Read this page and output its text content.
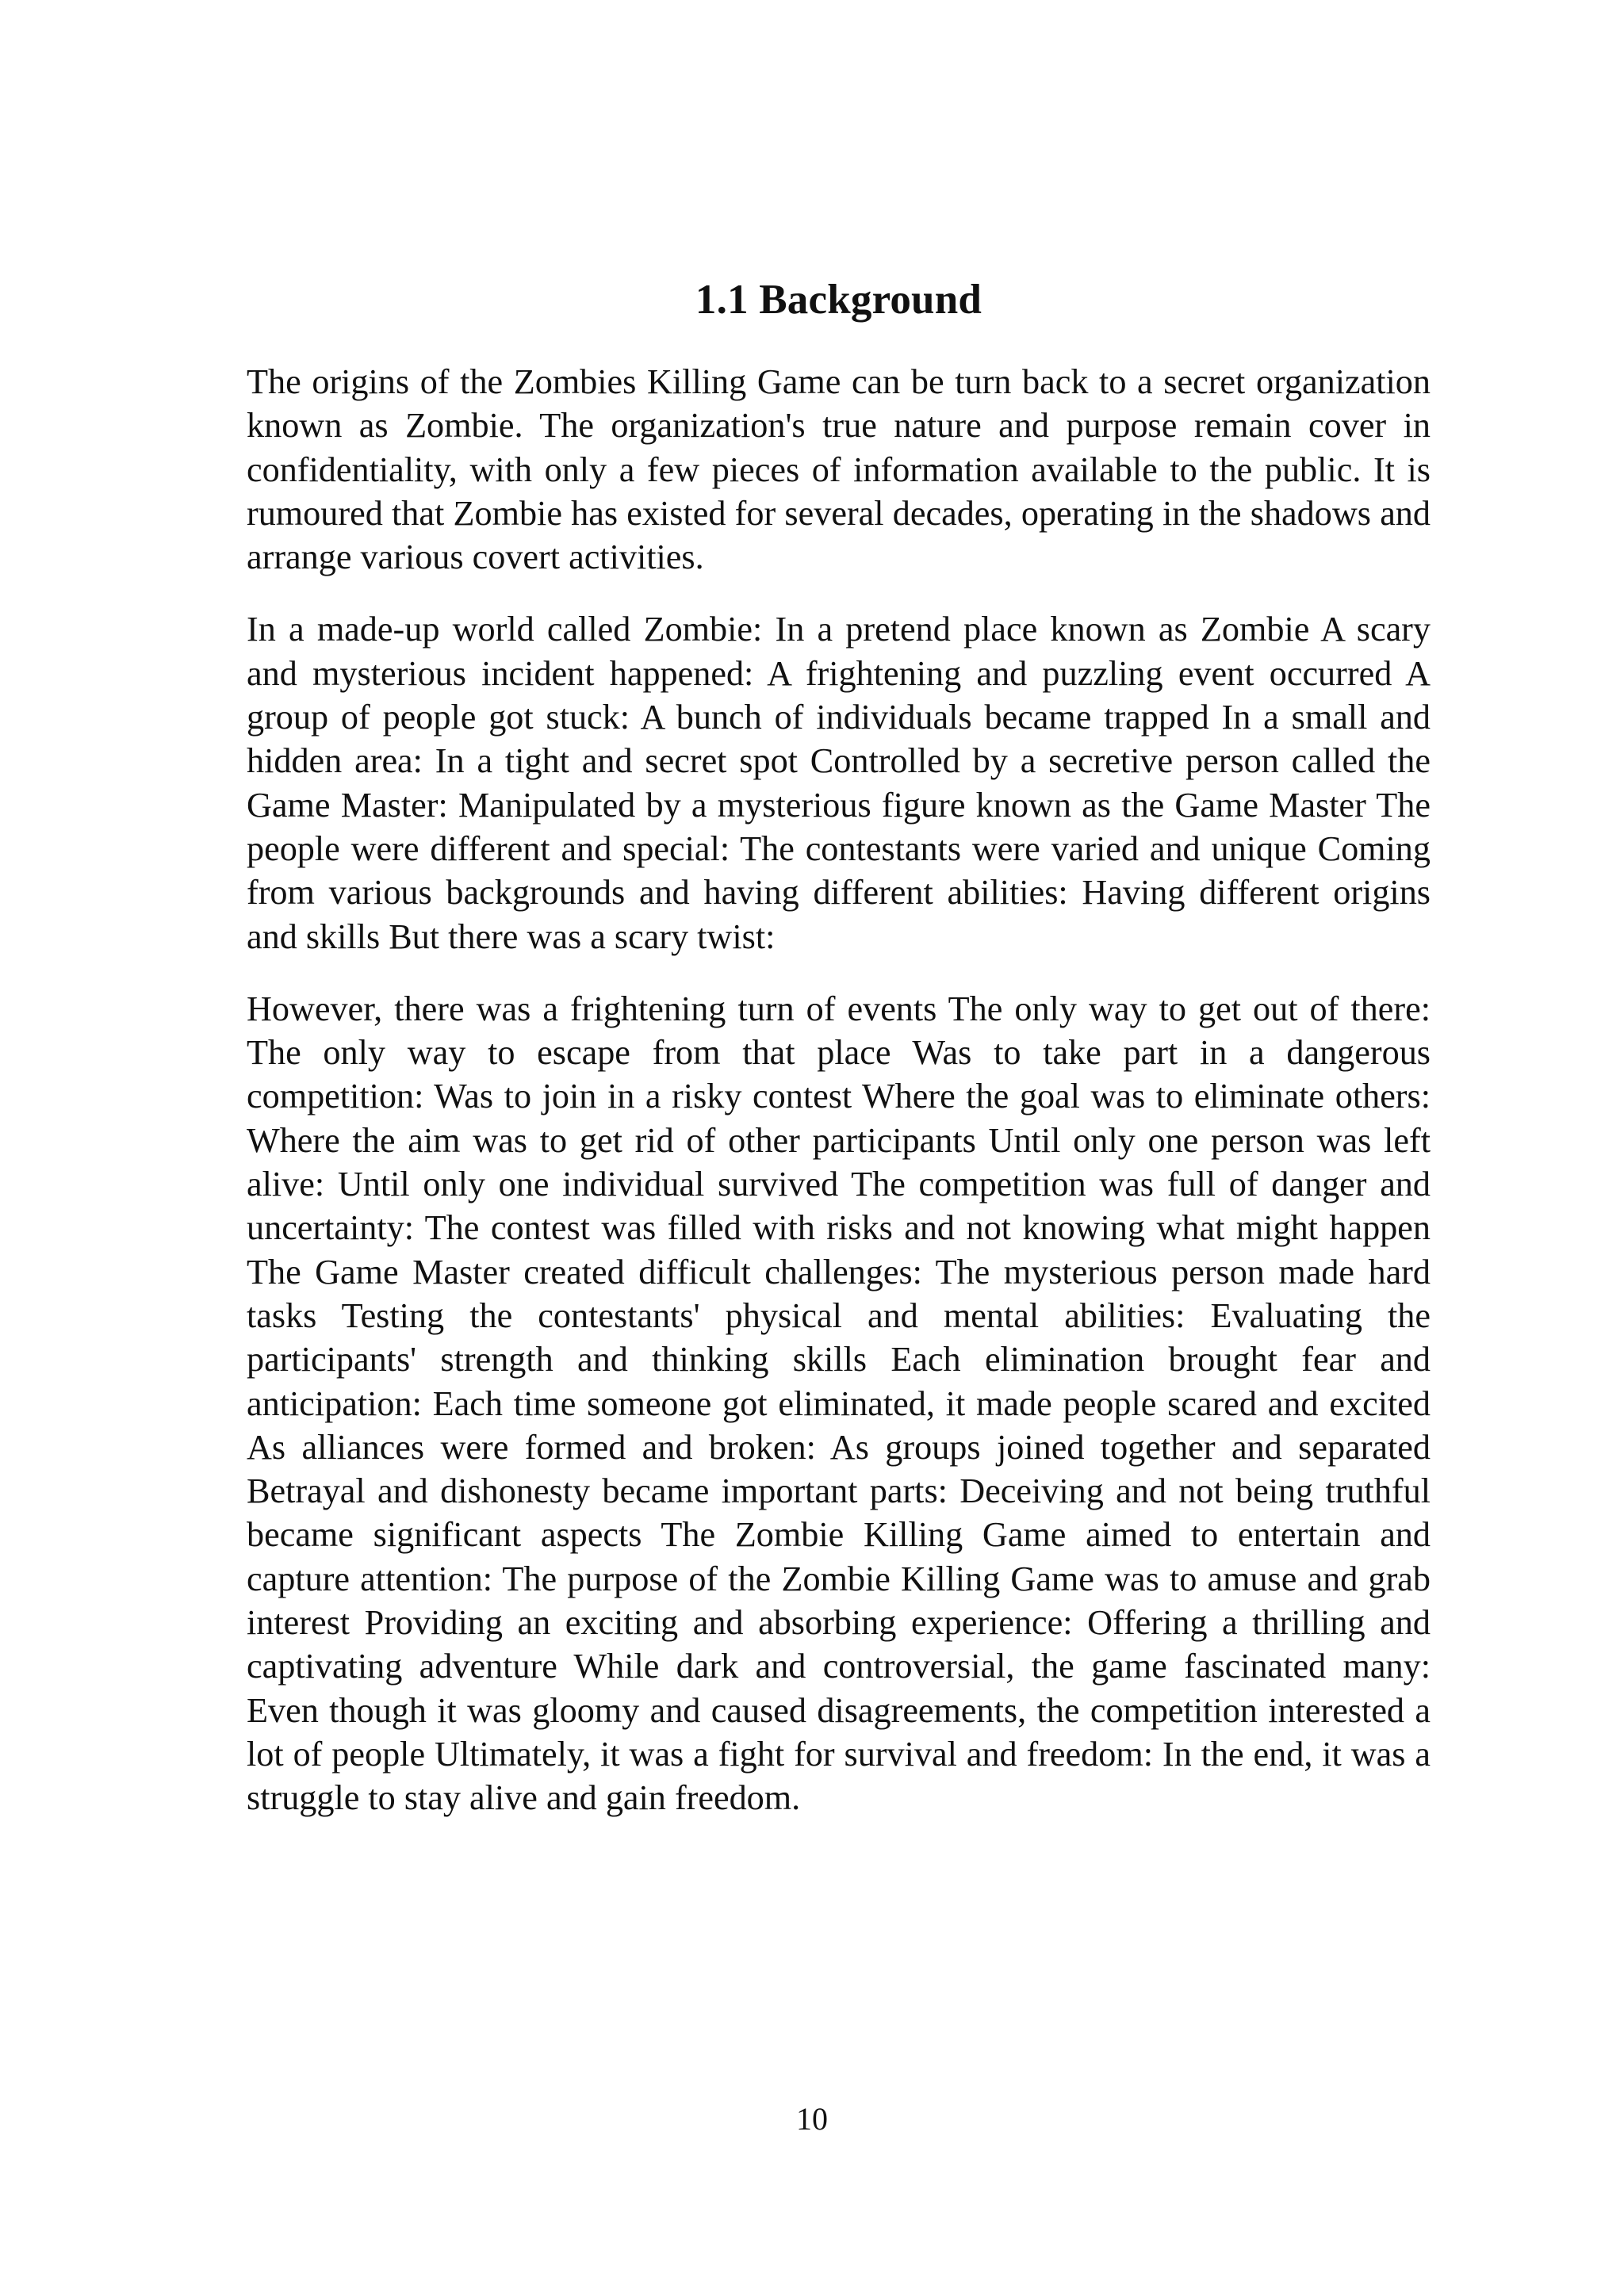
1.1 Background

The origins of the Zombies Killing Game can be turn back to a secret organization known as Zombie. The organization's true nature and purpose remain cover in confidentiality, with only a few pieces of information available to the public. It is rumoured that Zombie has existed for several decades, operating in the shadows and arrange various covert activities.

In a made-up world called Zombie: In a pretend place known as Zombie A scary and mysterious incident happened: A frightening and puzzling event occurred A group of people got stuck: A bunch of individuals became trapped In a small and hidden area: In a tight and secret spot Controlled by a secretive person called the Game Master: Manipulated by a mysterious figure known as the Game Master The people were different and special: The contestants were varied and unique Coming from various backgrounds and having different abilities: Having different origins and skills But there was a scary twist:

However, there was a frightening turn of events The only way to get out of there: The only way to escape from that place Was to take part in a dangerous competition: Was to join in a risky contest Where the goal was to eliminate others: Where the aim was to get rid of other participants Until only one person was left alive: Until only one individual survived The competition was full of danger and uncertainty: The contest was filled with risks and not knowing what might happen The Game Master created difficult challenges: The mysterious person made hard tasks Testing the contestants' physical and mental abilities: Evaluating the participants' strength and thinking skills Each elimination brought fear and anticipation: Each time someone got eliminated, it made people scared and excited As alliances were formed and broken: As groups joined together and separated Betrayal and dishonesty became important parts: Deceiving and not being truthful became significant aspects The Zombie Killing Game aimed to entertain and capture attention: The purpose of the Zombie Killing Game was to amuse and grab interest Providing an exciting and absorbing experience: Offering a thrilling and captivating adventure While dark and controversial, the game fascinated many: Even though it was gloomy and caused disagreements, the competition interested a lot of people Ultimately, it was a fight for survival and freedom: In the end, it was a struggle to stay alive and gain freedom.

10
